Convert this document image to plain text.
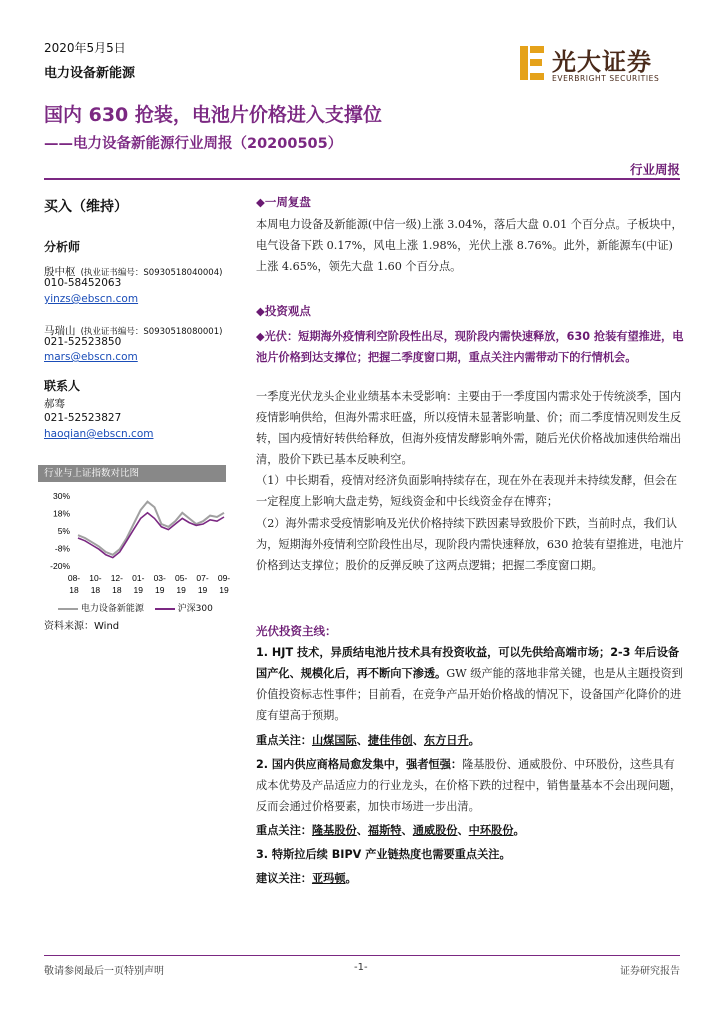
2020年5月5日
电力设备新能源	光大证券
EVERBRIGHT SECURITIES
国内 630 抢装，电池片价格进入支撑位
——电力设备新能源行业周报（20200505）
行业周报
买入（维持）
分析师
殷中枢 (执业证书编号：S0930518040004)
010-58452063
yinzs@ebscn.com
马瑞山 (执业证书编号：S0930518080001)
021-52523850
mars@ebscn.com
联系人
郝骞
021-52523827
haoqian@ebscn.com
行业与上证指数对比图
30%
18%
5%
-8%
-20%
08-
18
10-
18
12-
18
01-
19
03-
19
05-
19
07-
19
09-
19
电力设备新能源	沪深300
资料来源：Wind
◆一周复盘
本周电力设备及新能源(中信一级)上涨 3.04%，落后大盘 0.01 个百分点。子板块中，电气设备下跌 0.17%，风电上涨 1.98%，光伏上涨 8.76%。此外，新能源车(中证)上涨 4.65%，领先大盘 1.60 个百分点。
◆投资观点
◆光伏：短期海外疫情利空阶段性出尽，现阶段内需快速释放，630 抢装有望推进，电池片价格到达支撑位；把握二季度窗口期，重点关注内需带动下的行情机会。
一季度光伏龙头企业业绩基本未受影响：主要由于一季度国内需求处于传统淡季，国内疫情影响供给，但海外需求旺盛，所以疫情未显著影响量、价；而二季度情况则发生反转，国内疫情好转供给释放，但海外疫情发酵影响外需，随后光伏价格战加速供给端出清，股价下跌已基本反映利空。
（1）中长期看，疫情对经济负面影响持续存在，现在外在表现并未持续发酵，但会在一定程度上影响大盘走势，短线资金和中长线资金存在博弈；
（2）海外需求受疫情影响及光伏价格持续下跌因素导致股价下跌，当前时点，我们认为，短期海外疫情利空阶段性出尽，现阶段内需快速释放，630 抢装有望推进，电池片价格到达支撑位；股价的反弹反映了这两点逻辑；把握二季度窗口期。
光伏投资主线：
1. HJT 技术，异质结电池片技术具有投资收益，可以先供给高端市场；2-3 年后设备国产化、规模化后，再不断向下渗透。GW 级产能的落地非常关键，也是从主题投资到价值投资标志性事件；目前看，在竞争产品开始价格战的情况下，设备国产化降价的进度有望高于预期。
重点关注：山煤国际、捷佳伟创、东方日升。
2. 国内供应商格局愈发集中，强者恒强：隆基股份、通威股份、中环股份，这些具有成本优势及产品适应力的行业龙头，在价格下跌的过程中，销售量基本不会出现问题，反而会通过价格要素，加快市场进一步出清。
重点关注：隆基股份、福斯特、通威股份、中环股份。
3. 特斯拉后续 BIPV 产业链热度也需要重点关注。
建议关注：亚玛顿。
敬请参阅最后一页特别声明	-1-	证券研究报告
